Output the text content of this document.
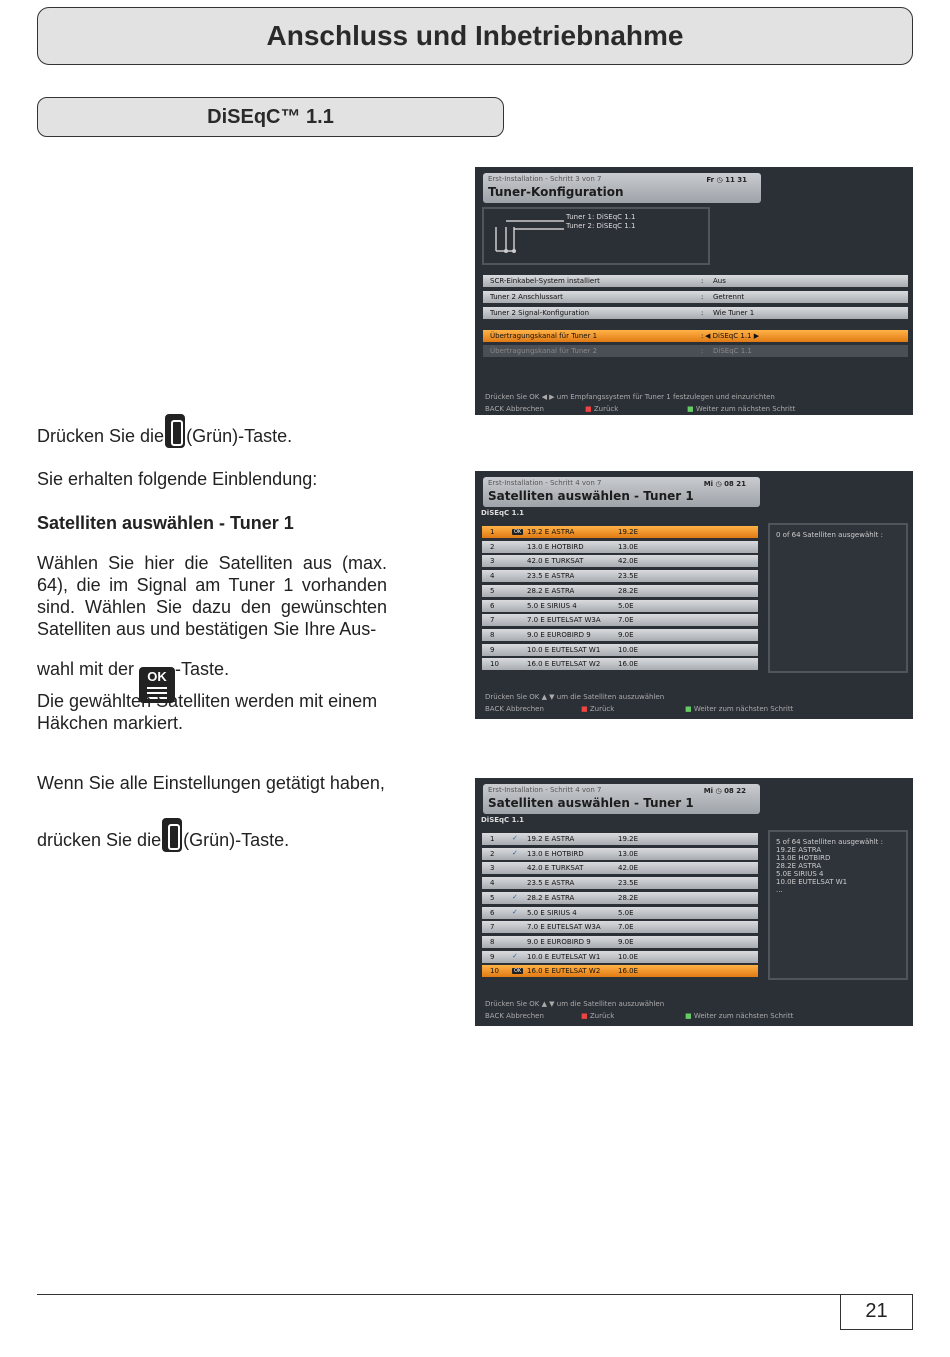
Anschluss und Inbetriebnahme
DiSEqC™ 1.1
Erst-Installation - Schritt 3 von 7
Tuner-Konfiguration
Fr ◷ 11 31
Tuner 1: DiSEqC 1.1
Tuner 2: DiSEqC 1.1
SCR-Einkabel-System installiert	: Aus
Tuner 2 Anschlussart	: Getrennt
Tuner 2 Signal-Konfiguration	: Wie Tuner 1
Übertragungskanal für Tuner 1	: ◀ DiSEqC 1.1 ▶
Übertragungskanal für Tuner 2	: DiSEqC 1.1
Drücken Sie OK ◀ ▶ um Empfangssystem für Tuner 1 festzulegen und einzurichten
BACK Abbrechen	■ Zurück	■ Weiter zum nächsten Schritt
Erst-Installation - Schritt 4 von 7
Satelliten auswählen - Tuner 1
Mi ◷ 08 21
DiSEqC 1.1
1	OK 19.2 E ASTRA	19.2E
2	13.0 E HOTBIRD	13.0E
3	42.0 E TURKSAT	42.0E
4	23.5 E ASTRA	23.5E
5	28.2 E ASTRA	28.2E
6	5.0 E SIRIUS 4	5.0E
7	7.0 E EUTELSAT W3A 7.0E
8	9.0 E EUROBIRD 9	9.0E
9	10.0 E EUTELSAT W1	10.0E
10	16.0 E EUTELSAT W2	16.0E
0 of 64 Satelliten ausgewählt :
Drücken Sie OK ▲ ▼ um die Satelliten auszuwählen
BACK Abbrechen	■ Zurück	■ Weiter zum nächsten Schritt
Erst-Installation - Schritt 4 von 7
Satelliten auswählen - Tuner 1
Mi ◷ 08 22
DiSEqC 1.1
1	✓ 19.2 E ASTRA	19.2E
2	✓ 13.0 E HOTBIRD	13.0E
3	42.0 E TURKSAT	42.0E
4	23.5 E ASTRA	23.5E
5	✓ 28.2 E ASTRA	28.2E
6	✓ 5.0 E SIRIUS 4	5.0E
7	7.0 E EUTELSAT W3A 7.0E
8	9.0 E EUROBIRD 9	9.0E
9	✓ 10.0 E EUTELSAT W1	10.0E
10	OK 16.0 E EUTELSAT W2	16.0E
5 of 64 Satelliten ausgewählt :
19.2E ASTRA
13.0E HOTBIRD
28.2E ASTRA
5.0E SIRIUS 4
10.0E EUTELSAT W1
...
Drücken Sie OK ▲ ▼ um die Satelliten auszuwählen
BACK Abbrechen	■ Zurück	■ Weiter zum nächsten Schritt
Drücken Sie die (Grün)-Taste.
Sie erhalten folgende Einblendung:
Satelliten auswählen - Tuner 1
Wählen Sie hier die Satelliten aus (max. 64), die im Signal am Tuner 1 vorhanden sind. Wählen Sie dazu den gewünschten Satelliten aus und bestätigen Sie Ihre Aus-
wahl mit der OK -Taste.
Die gewählten Satelliten werden mit einem Häkchen markiert.
Wenn Sie alle Einstellungen getätigt haben,
drücken Sie die (Grün)-Taste.
21
